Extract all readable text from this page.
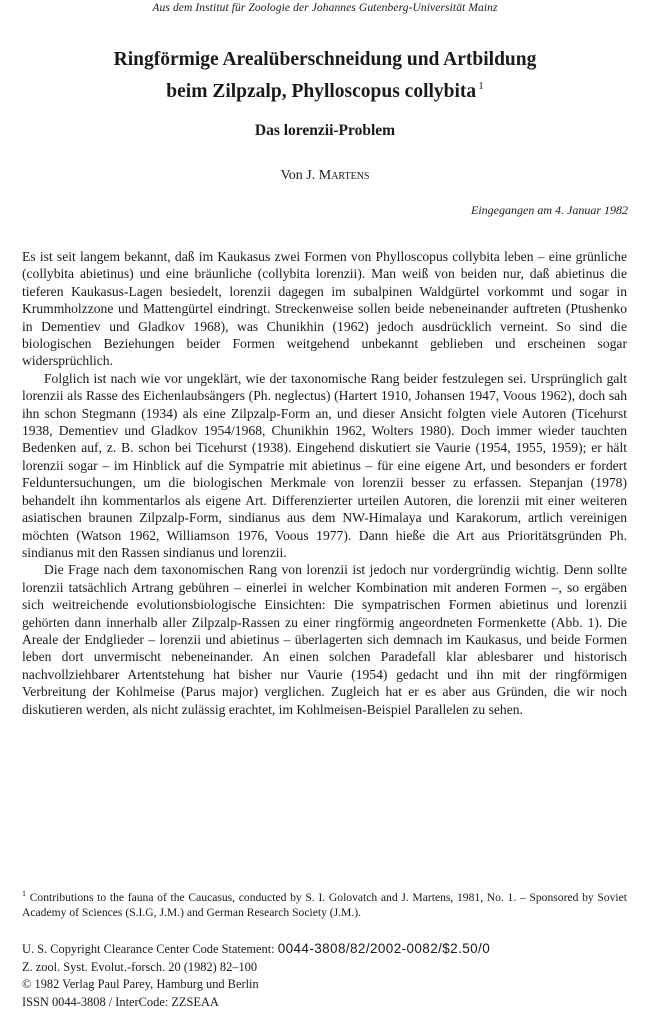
Aus dem Institut für Zoologie der Johannes Gutenberg-Universität Mainz
Ringförmige Arealüberschneidung und Artbildung
beim Zilpzalp, Phylloscopus collybita $^1$
Das lorenzii-Problem
Von J. Martens
Eingegangen am 4. Januar 1982

Es ist seit langem bekannt, daß im Kaukasus zwei Formen von Phylloscopus collybita leben – eine grünliche (collybita abietinus) und eine bräunliche (collybita lorenzii). Man weiß von beiden nur, daß abietinus die tieferen Kaukasus-Lagen besiedelt, lorenzii dagegen im subalpinen Waldgürtel vorkommt und sogar in Krummholzzone und Mattengürtel eindringt. Streckenweise sollen beide nebeneinander auftreten (Ptushenko in Dementiev und Gladkov 1968), was Chunikhin (1962) jedoch ausdrücklich verneint. So sind die biologischen Beziehungen beider Formen weitgehend unbekannt geblieben und erscheinen sogar widersprüchlich.

Folglich ist nach wie vor ungeklärt, wie der taxonomische Rang beider festzulegen sei. Ursprünglich galt lorenzii als Rasse des Eichenlaubsängers (Ph. neglectus) (Hartert 1910, Johansen 1947, Voous 1962), doch sah ihn schon Stegmann (1934) als eine Zilpzalp-Form an, und dieser Ansicht folgten viele Autoren (Ticehurst 1938, Dementiev und Gladkov 1954/1968, Chunikhin 1962, Wolters 1980). Doch immer wieder tauchten Bedenken auf, z. B. schon bei Ticehurst (1938). Eingehend diskutiert sie Vaurie (1954, 1955, 1959); er hält lorenzii sogar – im Hinblick auf die Sympatrie mit abietinus – für eine eigene Art, und besonders er fordert Felduntersuchungen, um die biologischen Merkmale von lorenzii besser zu erfassen. Stepanjan (1978) behandelt ihn kommentarlos als eigene Art. Differenzierter urteilen Autoren, die lorenzii mit einer weiteren asiatischen braunen Zilpzalp-Form, sindianus aus dem NW-Himalaya und Karakorum, artlich vereinigen möchten (Watson 1962, Williamson 1976, Voous 1977). Dann hieße die Art aus Prioritätsgründen Ph. sindianus mit den Rassen sindianus und lorenzii.

Die Frage nach dem taxonomischen Rang von lorenzii ist jedoch nur vordergründig wichtig. Denn sollte lorenzii tatsächlich Artrang gebühren – einerlei in welcher Kombination mit anderen Formen –, so ergäben sich weitreichende evolutionsbiologische Einsichten: Die sympatrischen Formen abietinus und lorenzii gehörten dann innerhalb aller Zilpzalp-Rassen zu einer ringförmig angeordneten Formenkette (Abb. 1). Die Areale der Endglieder – lorenzii und abietinus – überlagerten sich demnach im Kaukasus, und beide Formen leben dort unvermischt nebeneinander. An einen solchen Paradefall klar ablesbarer und historisch nachvollziehbarer Artentstehung hat bisher nur Vaurie (1954) gedacht und ihn mit der ringförmigen Verbreitung der Kohlmeise (Parus major) verglichen. Zugleich hat er es aber aus Gründen, die wir noch diskutieren werden, als nicht zulässig erachtet, im Kohlmeisen-Beispiel Parallelen zu sehen.

$^1$ Contributions to the fauna of the Caucasus, conducted by S. I. Golovatch and J. Martens, 1981, No. 1. – Sponsored by Soviet Academy of Sciences (S.I.G, J.M.) and German Research Society (J.M.).
U. S. Copyright Clearance Center Code Statement: 0044-3808/82/2002-0082/$2.50/0
Z. zool. Syst. Evolut.-forsch. 20 (1982) 82–100
© 1982 Verlag Paul Parey, Hamburg und Berlin
ISSN 0044-3808 / InterCode: ZZSEAA
